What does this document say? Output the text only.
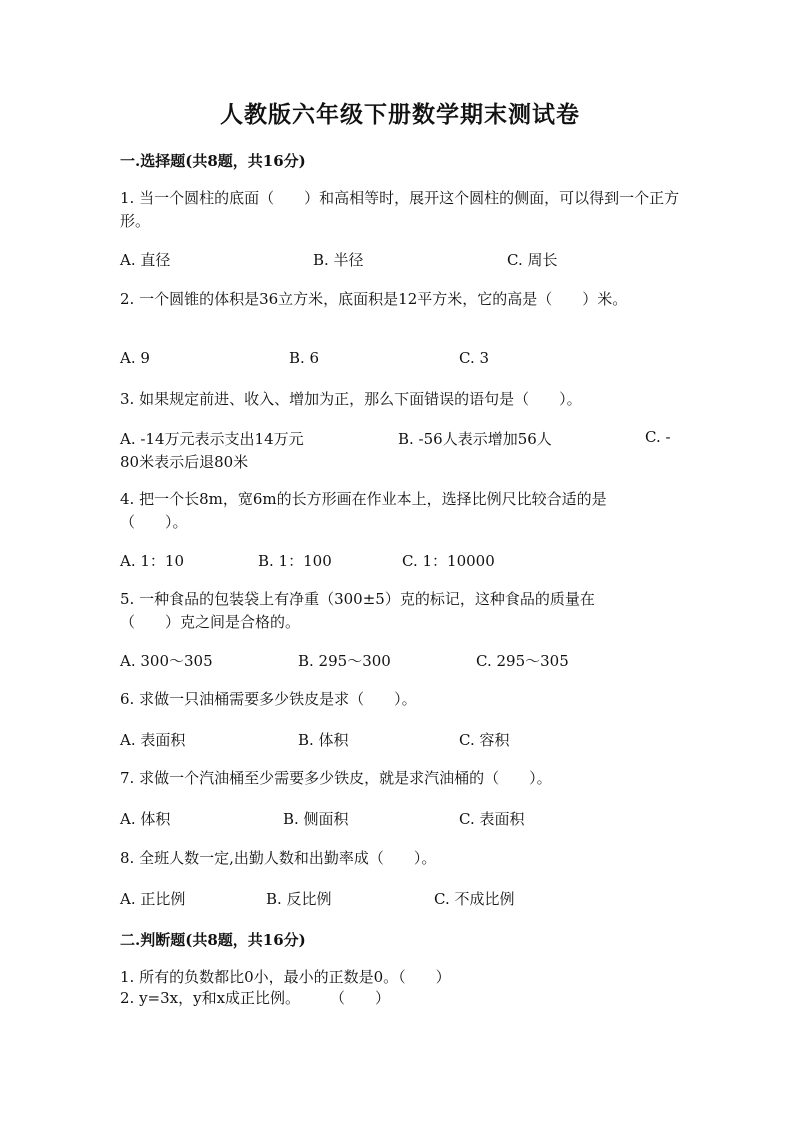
人教版六年级下册数学期末测试卷
一.选择题(共8题，共16分)
1. 当一个圆柱的底面（　　）和高相等时，展开这个圆柱的侧面，可以得到一个正方形。
A. 直径	B. 半径	C. 周长
2. 一个圆锥的体积是36立方米，底面积是12平方米，它的高是（　　）米。
A. 9	B. 6	C. 3
3. 如果规定前进、收入、增加为正，那么下面错误的语句是（　　）。
A. -14万元表示支出14万元	B. -56人表示增加56人	C. -
80米表示后退80米
4. 把一个长8m，宽6m的长方形画在作业本上，选择比例尺比较合适的是（　　）。
A. 1：10	B. 1：100	C. 1：10000
5. 一种食品的包装袋上有净重（300±5）克的标记，这种食品的质量在（　　）克之间是合格的。
A. 300～305	B. 295～300	C. 295～305
6. 求做一只油桶需要多少铁皮是求（　　）。
A. 表面积	B. 体积	C. 容积
7. 求做一个汽油桶至少需要多少铁皮，就是求汽油桶的（　　）。
A. 体积	B. 侧面积	C. 表面积
8. 全班人数一定,出勤人数和出勤率成（　　）。
A. 正比例	B. 反比例	C. 不成比例
二.判断题(共8题，共16分)
1. 所有的负数都比0小，最小的正数是0。（　　）
2. y=3x，y和x成正比例。　　　（　　）
